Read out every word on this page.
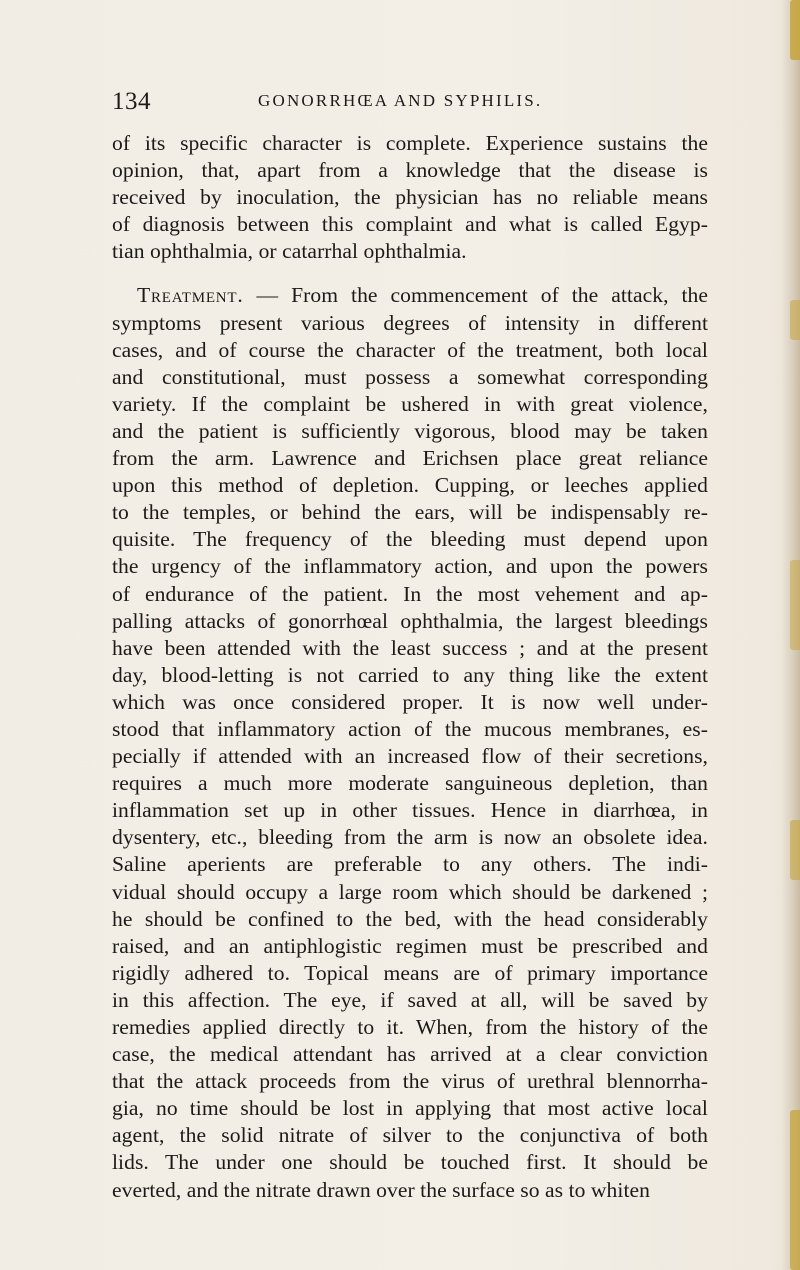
134	GONORRHŒA AND SYPHILIS.
of its specific character is complete. Experience sustains the
opinion, that, apart from a knowledge that the disease is
received by inoculation, the physician has no reliable means
of diagnosis between this complaint and what is called Egyp-
tian ophthalmia, or catarrhal ophthalmia.
Treatment. — From the commencement of the attack, the
symptoms present various degrees of intensity in different
cases, and of course the character of the treatment, both local
and constitutional, must possess a somewhat corresponding
variety. If the complaint be ushered in with great violence,
and the patient is sufficiently vigorous, blood may be taken
from the arm. Lawrence and Erichsen place great reliance
upon this method of depletion. Cupping, or leeches applied
to the temples, or behind the ears, will be indispensably re-
quisite. The frequency of the bleeding must depend upon
the urgency of the inflammatory action, and upon the powers
of endurance of the patient. In the most vehement and ap-
palling attacks of gonorrhœal ophthalmia, the largest bleedings
have been attended with the least success ; and at the present
day, blood-letting is not carried to any thing like the extent
which was once considered proper. It is now well under-
stood that inflammatory action of the mucous membranes, es-
pecially if attended with an increased flow of their secretions,
requires a much more moderate sanguineous depletion, than
inflammation set up in other tissues. Hence in diarrhœa, in
dysentery, etc., bleeding from the arm is now an obsolete idea.
Saline aperients are preferable to any others. The indi-
vidual should occupy a large room which should be darkened ;
he should be confined to the bed, with the head considerably
raised, and an antiphlogistic regimen must be prescribed and
rigidly adhered to. Topical means are of primary importance
in this affection. The eye, if saved at all, will be saved by
remedies applied directly to it. When, from the history of the
case, the medical attendant has arrived at a clear conviction
that the attack proceeds from the virus of urethral blennorrha-
gia, no time should be lost in applying that most active local
agent, the solid nitrate of silver to the conjunctiva of both
lids. The under one should be touched first. It should be
everted, and the nitrate drawn over the surface so as to whiten
